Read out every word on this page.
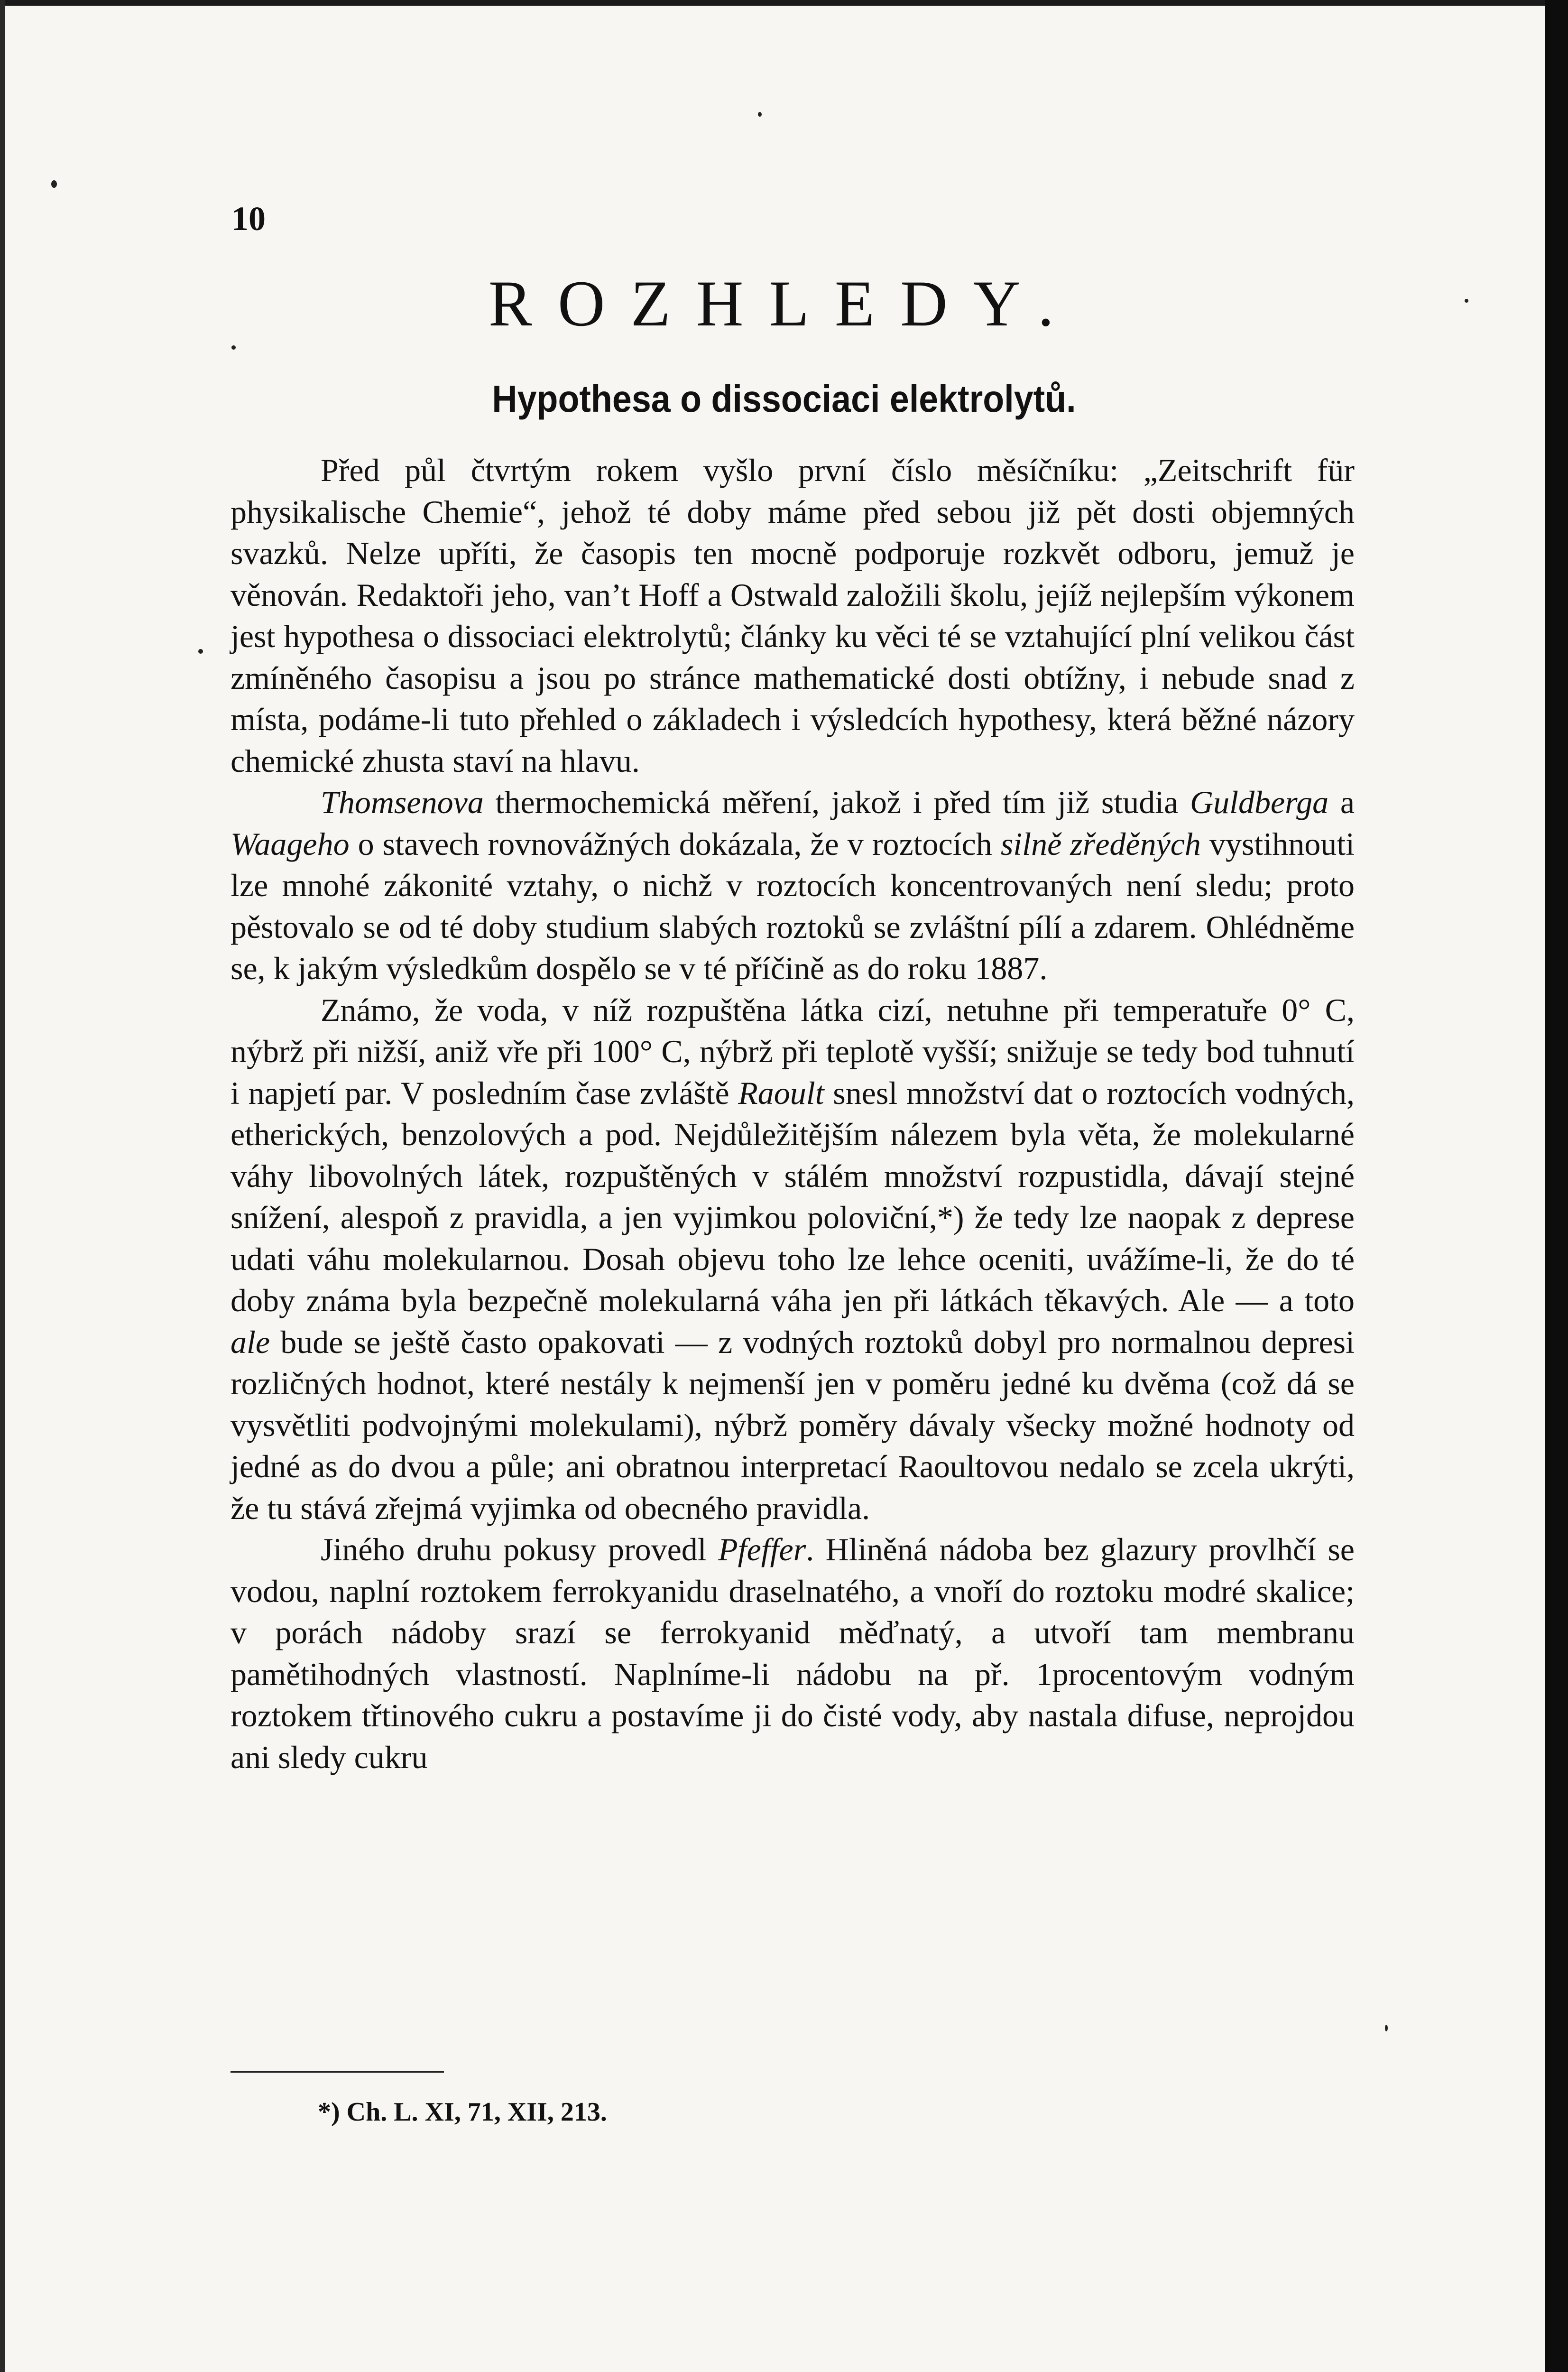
10
ROZHLEDY.
Hypothesa o dissociaci elektrolytů.

Před půl čtvrtým rokem vyšlo první číslo měsíčníku: „Zeitschrift für physikalische Chemie“, jehož té doby máme před sebou již pět dosti objemných svazků. Nelze upříti, že časopis ten mocně podporuje rozkvět odboru, jemuž je věnován. Redaktoři jeho, van’t Hoff a Ostwald založili školu, jejíž nejlepším výkonem jest hypothesa o dissociaci elektrolytů; články ku věci té se vztahující plní velikou část zmíněného časopisu a jsou po stránce mathematické dosti obtížny, i nebude snad z místa, podáme-li tuto přehled o základech i výsledcích hypothesy, která běžné názory chemické zhusta staví na hlavu.

Thomsenova thermochemická měření, jakož i před tím již studia Guldberga a Waageho o stavech rovnovážných dokázala, že v roztocích silně zředěných vystihnouti lze mnohé zákonité vztahy, o nichž v roztocích koncentrovaných není sledu; proto pěstovalo se od té doby studium slabých roztoků se zvláštní pílí a zdarem. Ohlédněme se, k jakým výsledkům dospělo se v té příčině as do roku 1887.

Známo, že voda, v níž rozpuštěna látka cizí, netuhne při temperatuře 0° C, nýbrž při nižší, aniž vře při 100° C, nýbrž při teplotě vyšší; snižuje se tedy bod tuhnutí i napjetí par. V posledním čase zvláště Raoult snesl množství dat o roztocích vodných, etherických, benzolových a pod. Nejdůležitějším nálezem byla věta, že molekularné váhy libovolných látek, rozpuštěných v stálém množství rozpustidla, dávají stejné snížení, alespoň z pravidla, a jen vyjimkou poloviční,*) že tedy lze naopak z deprese udati váhu molekularnou. Dosah objevu toho lze lehce oceniti, uvážíme-li, že do té doby známa byla bezpečně molekularná váha jen při látkách těkavých. Ale — a toto ale bude se ještě často opakovati — z vodných roztoků dobyl pro normalnou depresi rozličných hodnot, které nestály k nejmenší jen v poměru jedné ku dvěma (což dá se vysvětliti podvojnými molekulami), nýbrž poměry dávaly všecky možné hodnoty od jedné as do dvou a půle; ani obratnou interpretací Raoultovou nedalo se zcela ukrýti, že tu stává zřejmá vyjimka od obecného pravidla.

Jiného druhu pokusy provedl Pfeffer. Hliněná nádoba bez glazury provlhčí se vodou, naplní roztokem ferrokyanidu draselnatého, a vnoří do roztoku modré skalice; v porách nádoby srazí se ferrokyanid měďnatý, a utvoří tam membranu pamětihodných vlastností. Naplníme-li nádobu na př. 1procentovým vodným roztokem třtinového cukru a postavíme ji do čisté vody, aby nastala difuse, neprojdou ani sledy cukru

*) Ch. L. XI, 71, XII, 213.
